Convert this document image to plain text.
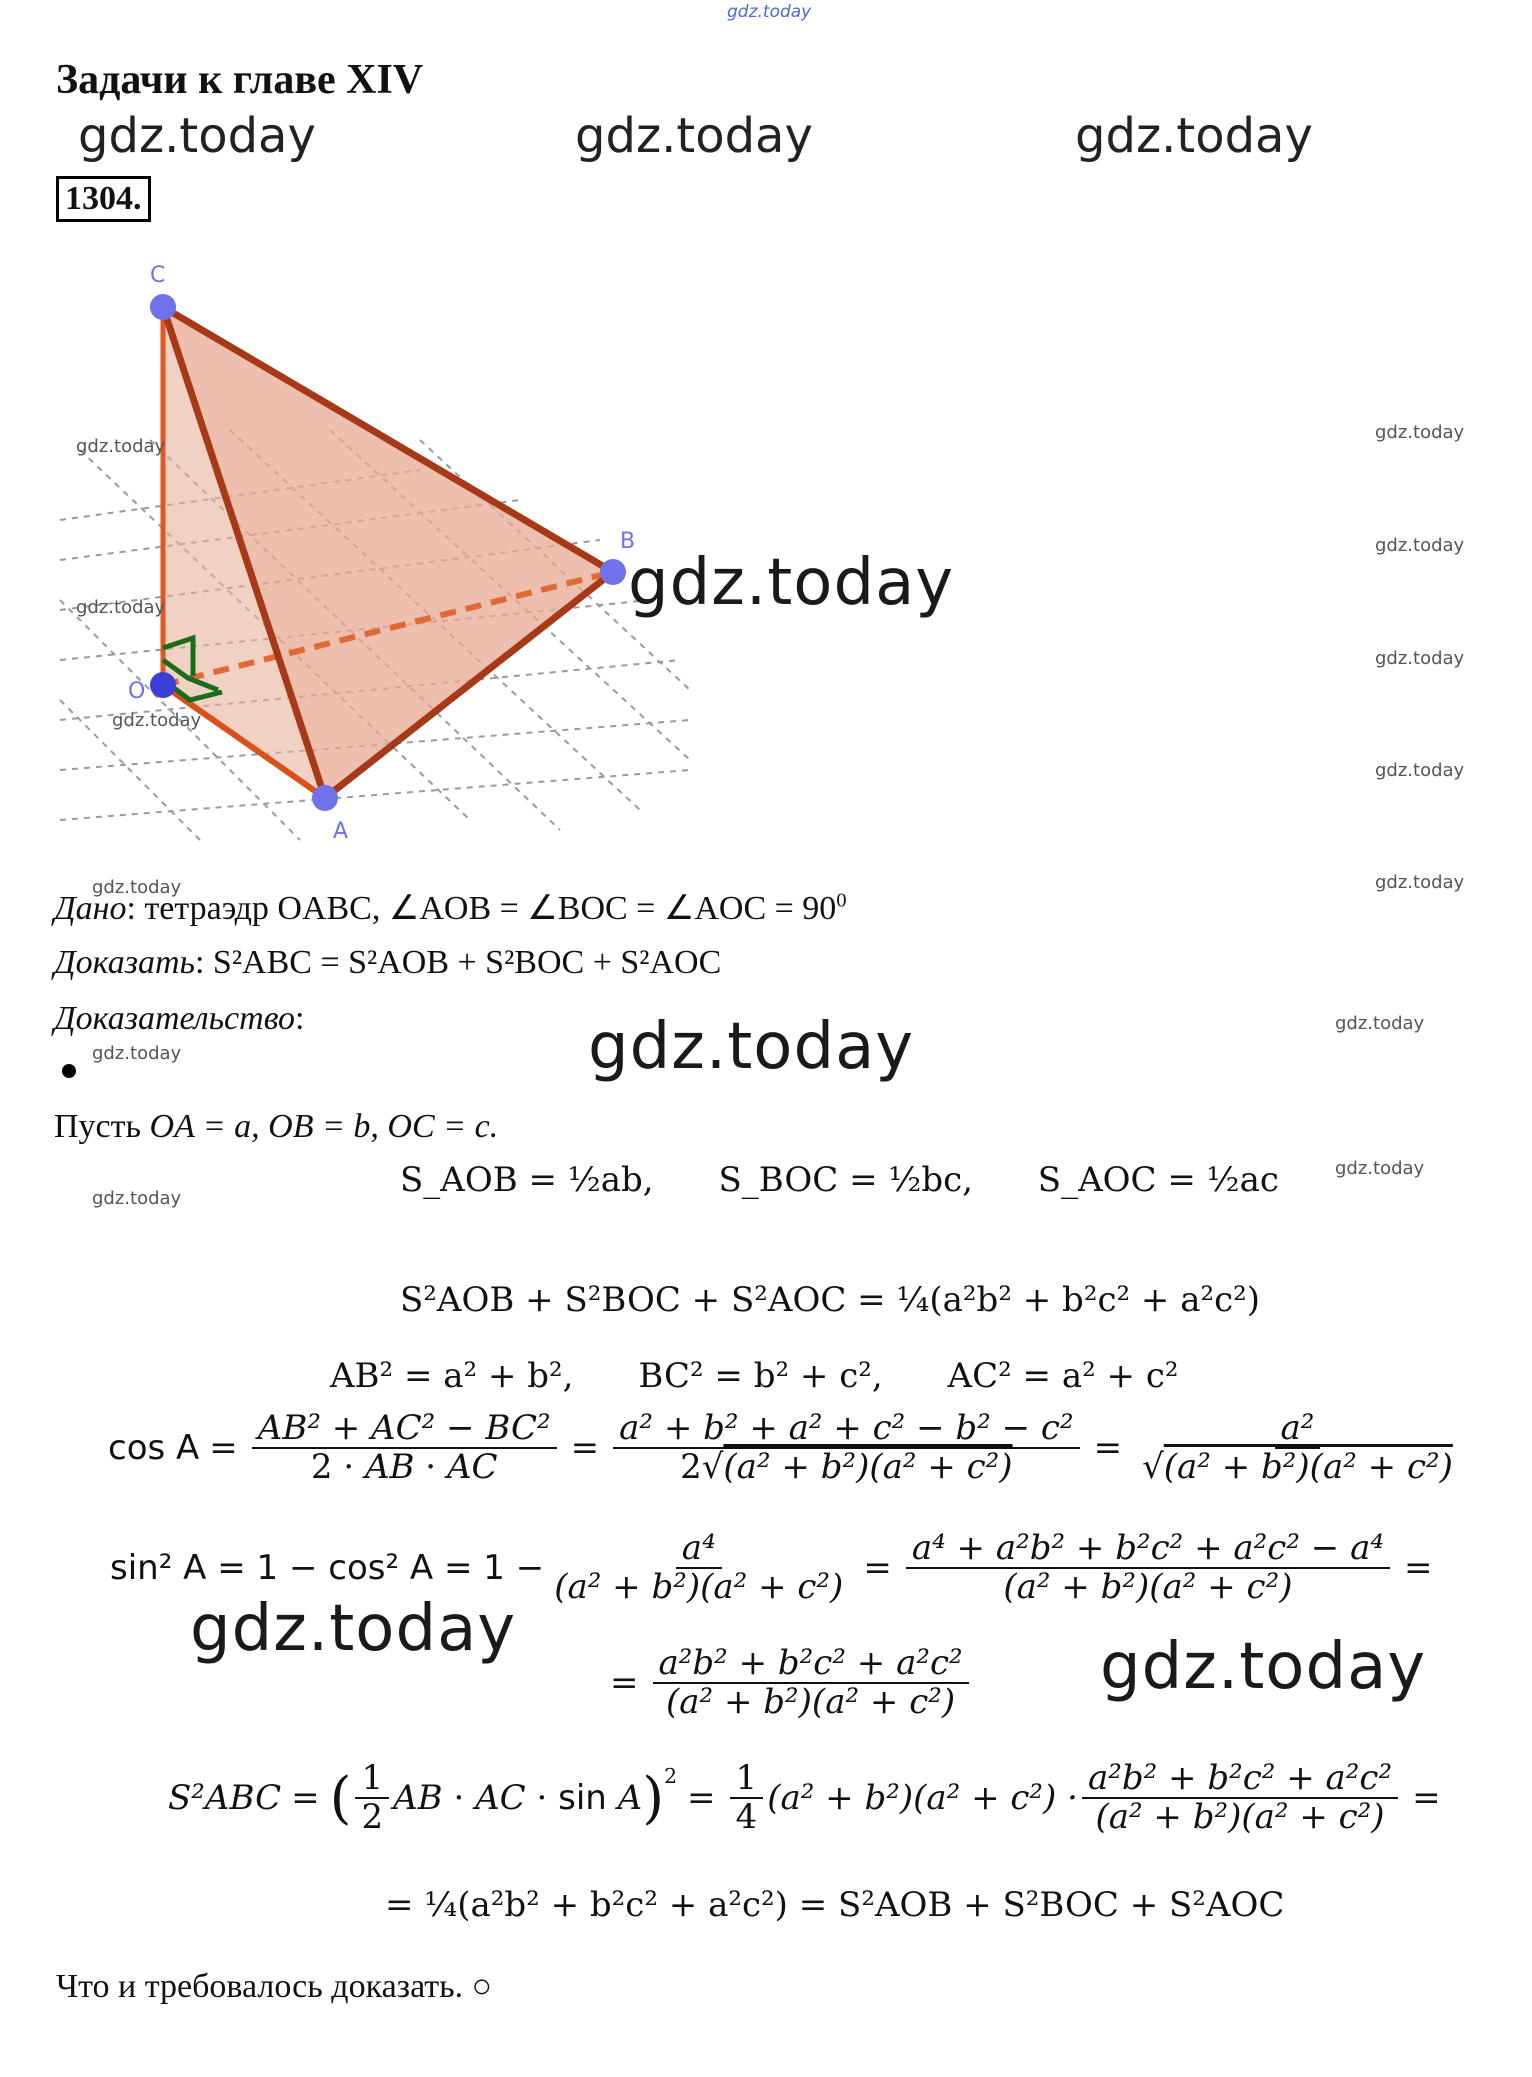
gdz.today
Задачи к главе XIV
gdz.today	gdz.today	gdz.today
1304.
C
B
O
A
gdz.today
gdz.today
gdz.today
gdz.today
gdz.today
gdz.today
gdz.today
gdz.today
gdz.today
gdz.today
Дано: тетраэдр OABC, ∠AOB = ∠BOC = ∠AOC = $90^0$
Доказать: S²ABC = S²AOB + S²BOC + S²AOC
Доказательство:	gdz.today
gdz.today	gdz.today
Пусть OA = a, OB = b, OC = c.
gdz.today
gdz.today	S_AOB = ½ab, S_BOC = ½bc, S_AOC = ½ac
S²AOB + S²BOC + S²AOC = ¼(a²b² + b²c² + a²c²)
AB² = a² + b², BC² = b² + c², AC² = a² + c²
$\cos A = \frac{\text{AB² + AC² − BC²}}{2 \cdot AB \cdot AC} = \frac{\text{a² + b² + a² + c² − b² − c²}}{\text{2√(a² + b²)(a² + c²)}} = \frac{\text{a²}}{\text{√(a² + b²)(a² + c²)}}$
sin² A = 1 − cos² $A = 1 - \frac{\text{a⁴}}{\text{(a² + b²)(a² + c²)}} = \frac{\text{a⁴ + a²b² + b²c² + a²c² − a⁴}}{\text{(a² + b²)(a² + c²)}}$ =
= $\frac{\text{a²b² + b²c² + a²c²}}{\text{(a² + b²)(a² + c²)}}$
gdz.today
gdz.today
S²ABC = ( $\frac{1}{2}$ AB · AC · sin A )$^2$
= $\frac{1}{4} (a^2 + b^2)(a^2 + c^2) \cdot \frac{\text{a²b² + b²c² + a²c²}}{\text{(a² + b²)(a² + c²)}}$ =
= ¼(a²b² + b²c² + a²c²) = S²AOB + S²BOC + S²AOC
Что и требовалось доказать. ○
